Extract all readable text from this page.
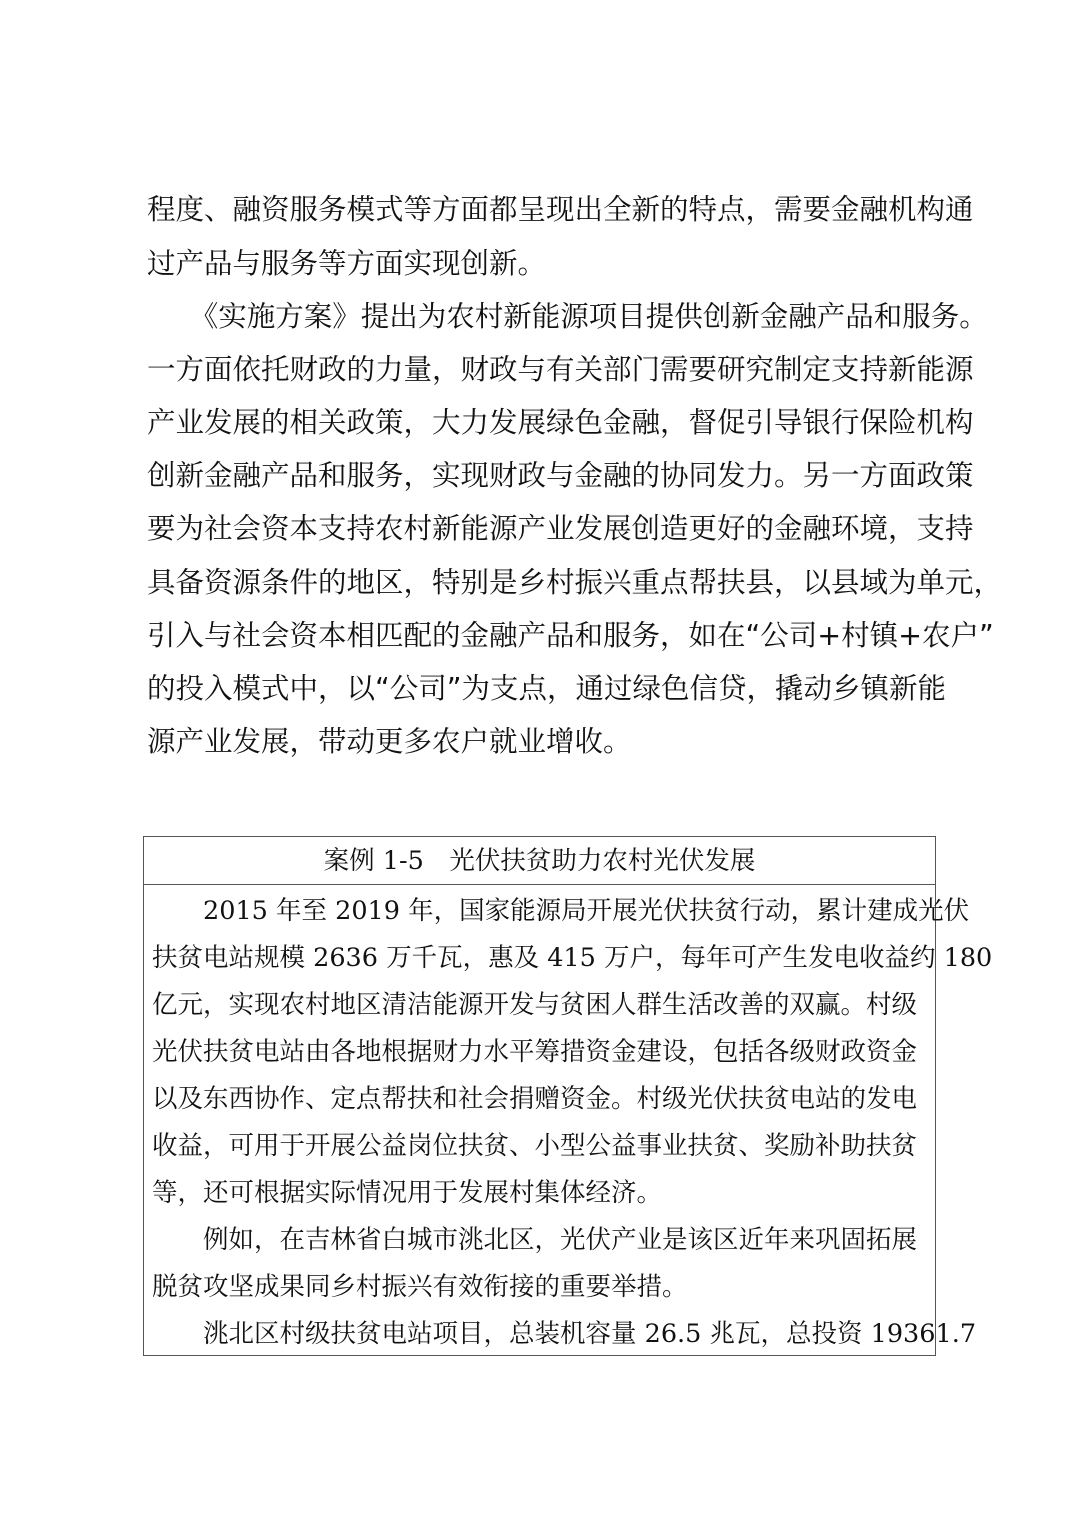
程度、融资服务模式等方面都呈现出全新的特点，需要金融机构通
过产品与服务等方面实现创新。
　　《实施方案》提出为农村新能源项目提供创新金融产品和服务。
一方面依托财政的力量，财政与有关部门需要研究制定支持新能源
产业发展的相关政策，大力发展绿色金融，督促引导银行保险机构
创新金融产品和服务，实现财政与金融的协同发力。另一方面政策
要为社会资本支持农村新能源产业发展创造更好的金融环境，支持
具备资源条件的地区，特别是乡村振兴重点帮扶县，以县域为单元，
引入与社会资本相匹配的金融产品和服务，如在“公司+村镇+农户”
的投入模式中，以“公司”为支点，通过绿色信贷，撬动乡镇新能
源产业发展，带动更多农户就业增收。
案例 1-5　光伏扶贫助力农村光伏发展
　　2015 年至 2019 年，国家能源局开展光伏扶贫行动，累计建成光伏
扶贫电站规模 2636 万千瓦，惠及 415 万户，每年可产生发电收益约 180
亿元，实现农村地区清洁能源开发与贫困人群生活改善的双赢。村级
光伏扶贫电站由各地根据财力水平筹措资金建设，包括各级财政资金
以及东西协作、定点帮扶和社会捐赠资金。村级光伏扶贫电站的发电
收益，可用于开展公益岗位扶贫、小型公益事业扶贫、奖励补助扶贫
等，还可根据实际情况用于发展村集体经济。
　　例如，在吉林省白城市洮北区，光伏产业是该区近年来巩固拓展
脱贫攻坚成果同乡村振兴有效衔接的重要举措。
　　洮北区村级扶贫电站项目，总装机容量 26.5 兆瓦，总投资 19361.7
